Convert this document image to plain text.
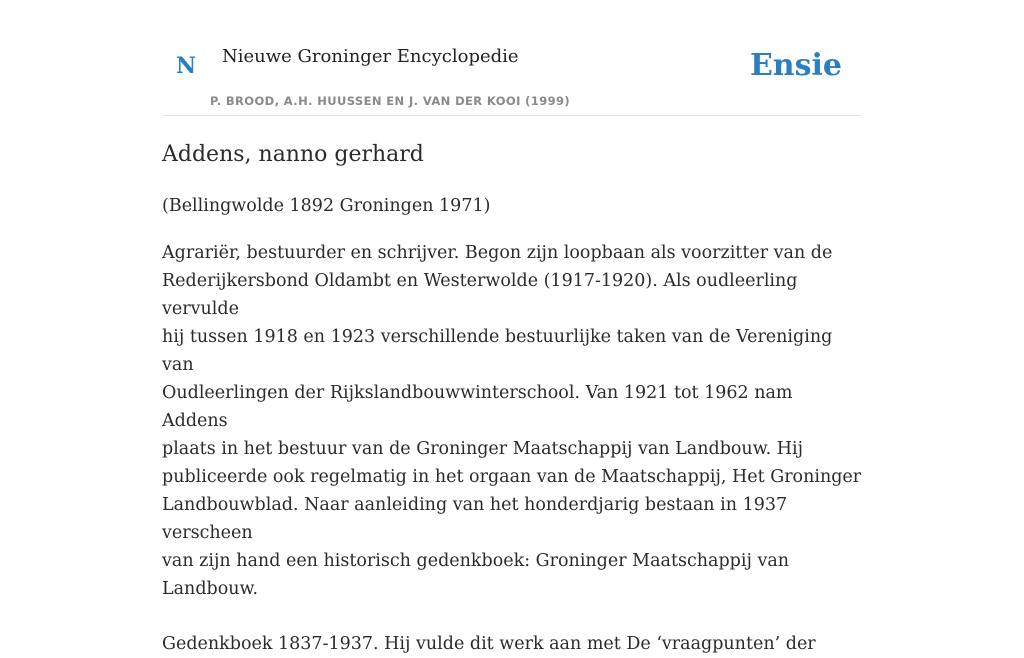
N Nieuwe Groninger Encyclopedie
P. BROOD, A.H. HUUSSEN EN J. VAN DER KOOI (1999)
Ensie
Addens, nanno gerhard

(Bellingwolde 1892 Groningen 1971)

Agrariër, bestuurder en schrijver. Begon zijn loopbaan als voorzitter van de
Rederijkersbond Oldambt en Westerwolde (1917-1920). Als oudleerling vervulde
hij tussen 1918 en 1923 verschillende bestuurlijke taken van de Vereniging van
Oudleerlingen der Rijkslandbouwwinterschool. Van 1921 tot 1962 nam Addens
plaats in het bestuur van de Groninger Maatschappij van Landbouw. Hij
publiceerde ook regelmatig in het orgaan van de Maatschappij, Het Groninger
Landbouwblad. Naar aanleiding van het honderdjarig bestaan in 1937 verscheen
van zijn hand een historisch gedenkboek: Groninger Maatschappij van Landbouw.

Gedenkboek 1837-1937. Hij vulde dit werk aan met De ‘vraagpunten’ der
